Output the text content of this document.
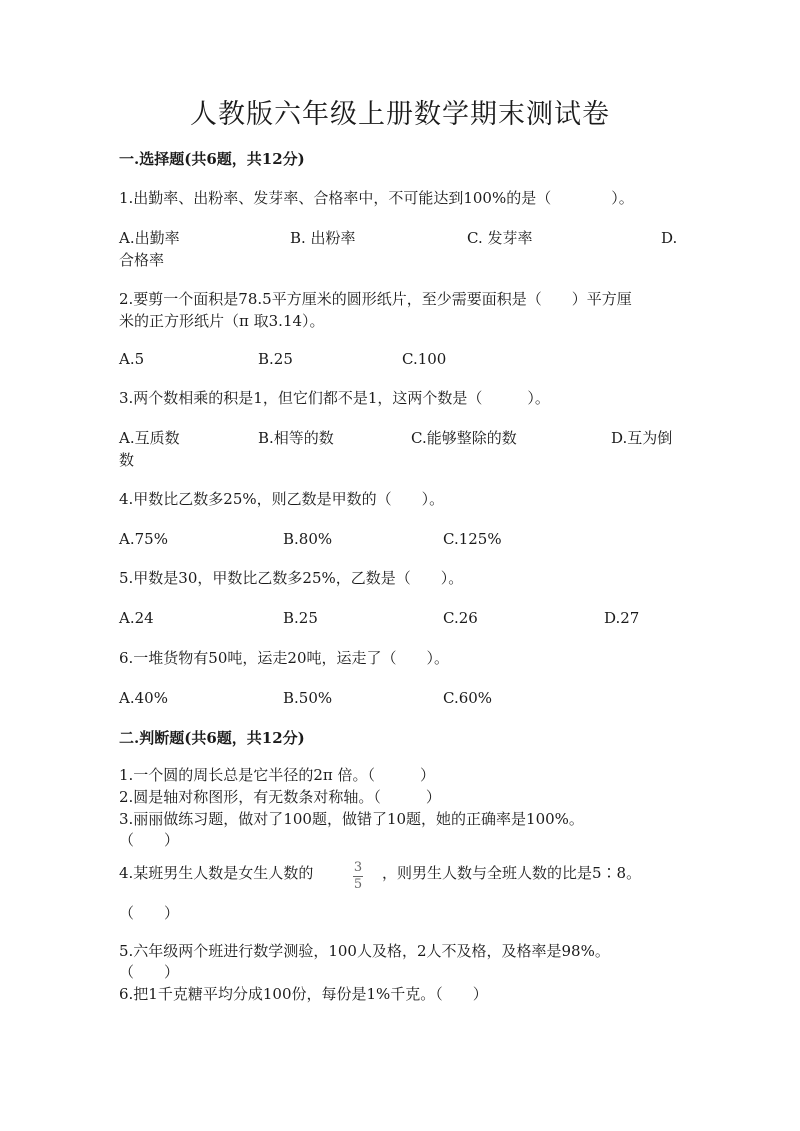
人教版六年级上册数学期末测试卷
一.选择题(共6题，共12分)
1.出勤率、出粉率、发芽率、合格率中，不可能达到100%的是（　　　　）。
A.出勤率	B. 出粉率	C. 发芽率	D.
合格率
2.要剪一个面积是78.5平方厘米的圆形纸片，至少需要面积是（　　）平方厘
米的正方形纸片（π 取3.14）。
A.5	B.25	C.100
3.两个数相乘的积是1，但它们都不是1，这两个数是（　　　）。
A.互质数	B.相等的数	C.能够整除的数	D.互为倒
数
4.甲数比乙数多25%，则乙数是甲数的（　　）。
A.75%	B.80%	C.125%
5.甲数是30，甲数比乙数多25%，乙数是（　　）。
A.24	B.25	C.26	D.27
6.一堆货物有50吨，运走20吨，运走了（　　）。
A.40%	B.50%	C.60%
二.判断题(共6题，共12分)
1.一个圆的周长总是它半径的2π 倍。（　　　）
2.圆是轴对称图形，有无数条对称轴。（　　　）
3.丽丽做练习题，做对了100题，做错了10题，她的正确率是100%。
（　　）
4.某班男生人数是女生人数的	$\frac{3}{5}$ ，则男生人数与全班人数的比是5∶8。
（　　）
5.六年级两个班进行数学测验，100人及格，2人不及格，及格率是98%。
（　　）
6.把1千克糖平均分成100份，每份是1%千克。（　　）
